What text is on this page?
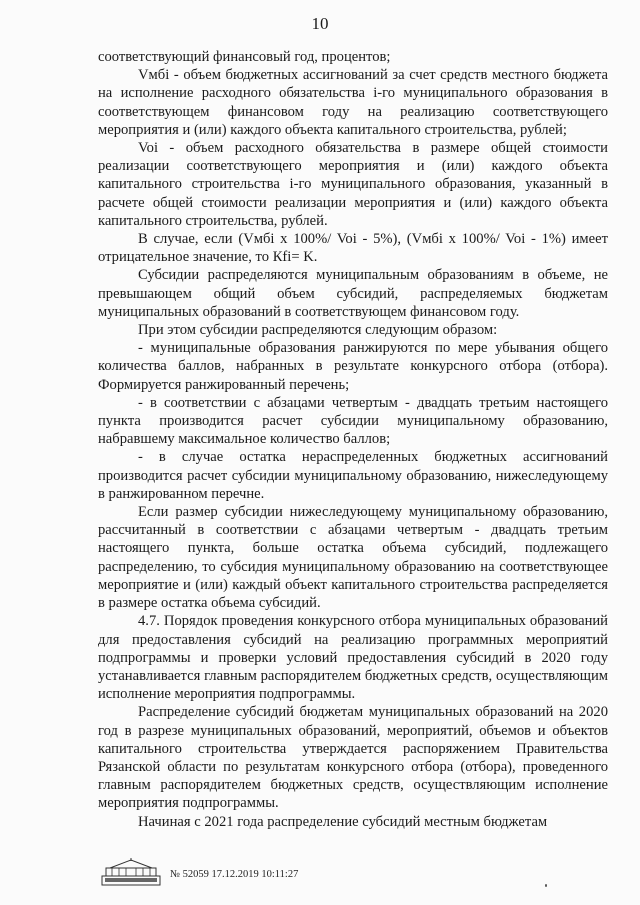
10

соответствующий финансовый год, процентов;

Vмбi - объем бюджетных ассигнований за счет средств местного бюджета на исполнение расходного обязательства i-го муниципального образования в соответствующем финансовом году на реализацию соответствующего мероприятия и (или) каждого объекта капитального строительства, рублей;

Voi - объем расходного обязательства в размере общей стоимости реализации соответствующего мероприятия и (или) каждого объекта капитального строительства i-го муниципального образования, указанный в расчете общей стоимости реализации мероприятия и (или) каждого объекта капитального строительства, рублей.

В случае, если (Vмбi x 100%/ Voi - 5%), (Vмбi x 100%/ Voi - 1%) имеет отрицательное значение, то Кfi= K.

Субсидии распределяются муниципальным образованиям в объеме, не превышающем общий объем субсидий, распределяемых бюджетам муниципальных образований в соответствующем финансовом году.

При этом субсидии распределяются следующим образом:

- муниципальные образования ранжируются по мере убывания общего количества баллов, набранных в результате конкурсного отбора (отбора). Формируется ранжированный перечень;

- в соответствии с абзацами четвертым - двадцать третьим настоящего пункта производится расчет субсидии муниципальному образованию, набравшему максимальное количество баллов;

- в случае остатка нераспределенных бюджетных ассигнований производится расчет субсидии муниципальному образованию, нижеследующему в ранжированном перечне.

Если размер субсидии нижеследующему муниципальному образованию, рассчитанный в соответствии с абзацами четвертым - двадцать третьим настоящего пункта, больше остатка объема субсидий, подлежащего распределению, то субсидия муниципальному образованию на соответствующее мероприятие и (или) каждый объект капитального строительства распределяется в размере остатка объема субсидий.

4.7. Порядок проведения конкурсного отбора муниципальных образований для предоставления субсидий на реализацию программных мероприятий подпрограммы и проверки условий предоставления субсидий в 2020 году устанавливается главным распорядителем бюджетных средств, осуществляющим исполнение мероприятия подпрограммы.

Распределение субсидий бюджетам муниципальных образований на 2020 год в разрезе муниципальных образований, мероприятий, объемов и объектов капитального строительства утверждается распоряжением Правительства Рязанской области по результатам конкурсного отбора (отбора), проведенного главным распорядителем бюджетных средств, осуществляющим исполнение мероприятия подпрограммы.

Начиная с 2021 года распределение субсидий местным бюджетам

№ 52059 17.12.2019 10:11:27
